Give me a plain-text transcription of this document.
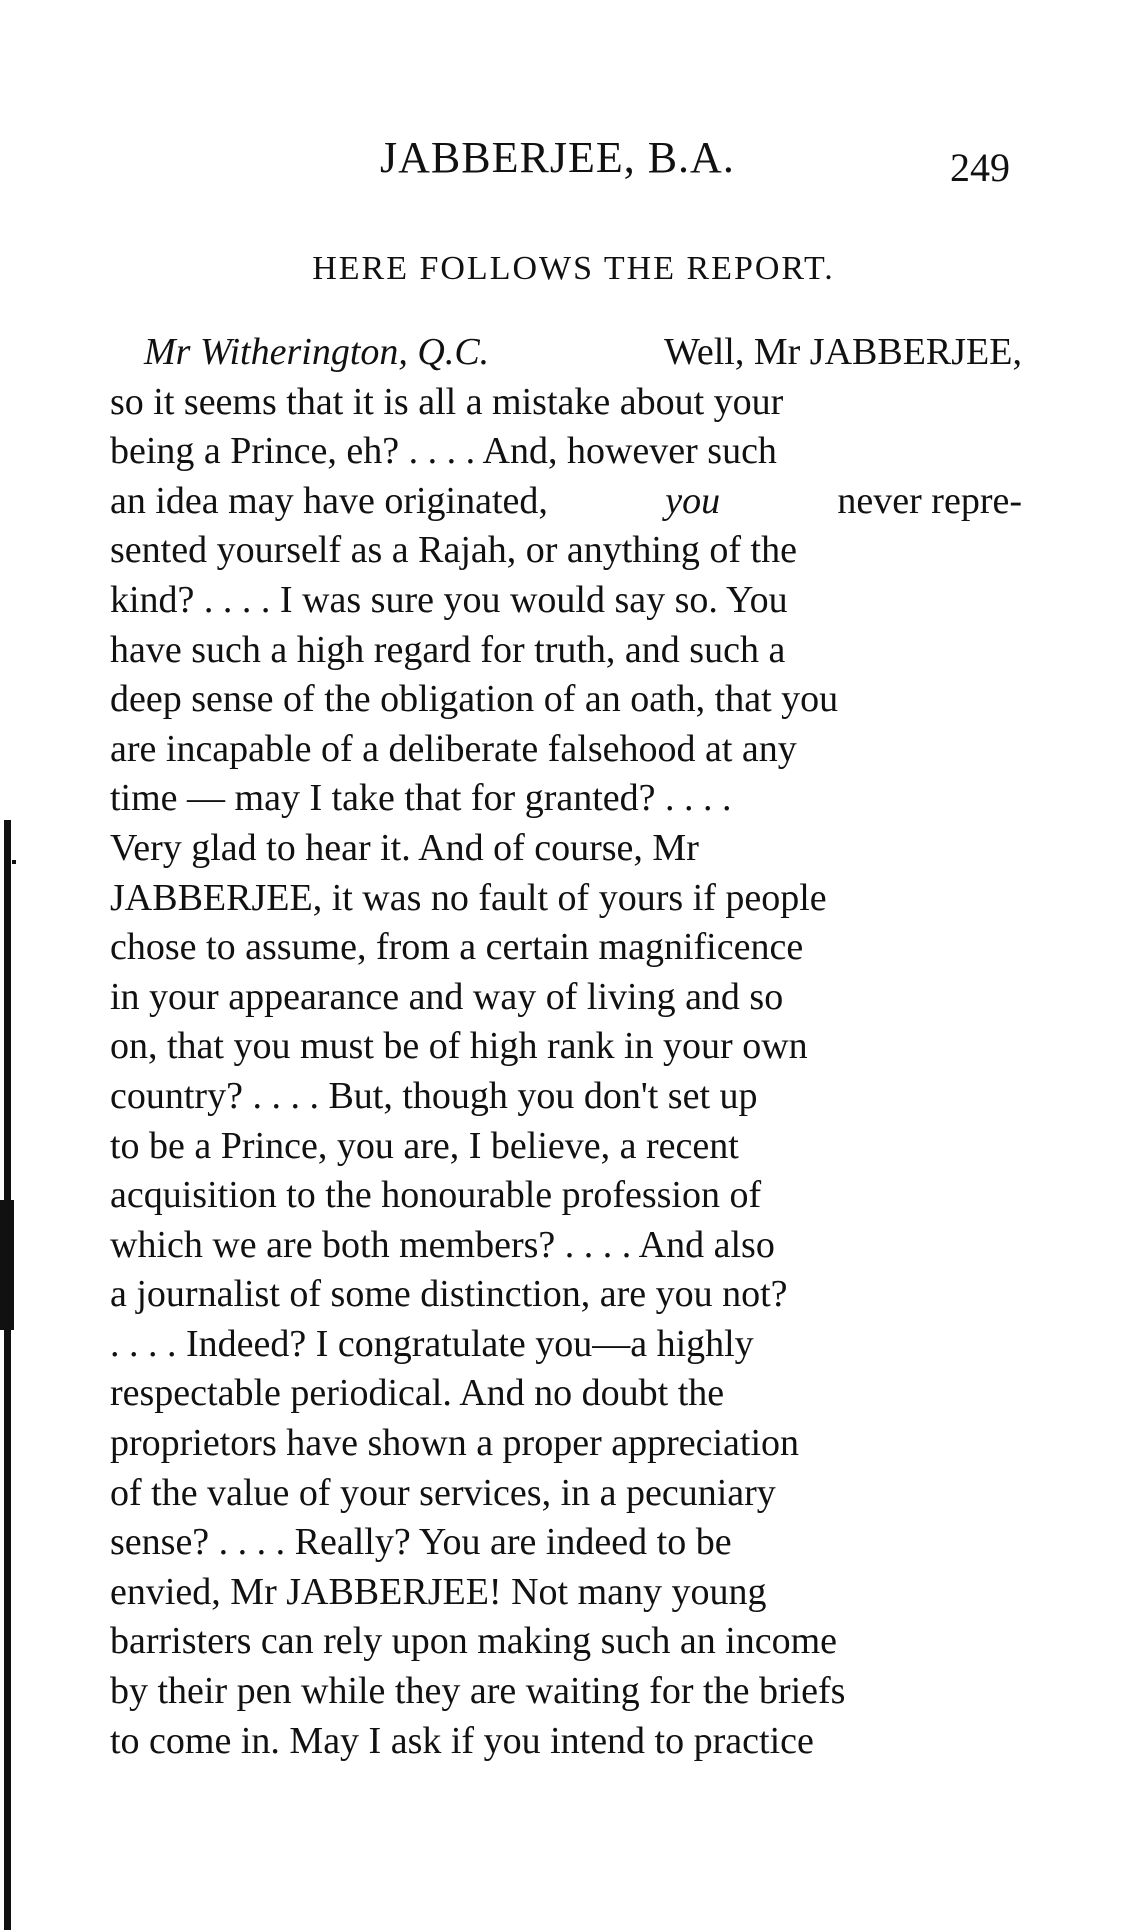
JABBERJEE, B.A.	249
HERE FOLLOWS THE REPORT.
Mr Witherington, Q.C.	Well, Mr JABBERJEE,
so it seems that it is all a mistake about your
being a Prince, eh? . . . . And, however such
an idea may have originated,	you	never repre-
sented yourself as a Rajah, or anything of the
kind? . . . . I was sure you would say so. You
have such a high regard for truth, and such a
deep sense of the obligation of an oath, that you
are incapable of a deliberate falsehood at any
time — may I take that for granted? . . . .
Very glad to hear it. And of course, Mr
JABBERJEE, it was no fault of yours if people
chose to assume, from a certain magnificence
in your appearance and way of living and so
on, that you must be of high rank in your own
country? . . . . But, though you don't set up
to be a Prince, you are, I believe, a recent
acquisition to the honourable profession of
which we are both members? . . . . And also
a journalist of some distinction, are you not?
. . . . Indeed? I congratulate you—a highly
respectable periodical. And no doubt the
proprietors have shown a proper appreciation
of the value of your services, in a pecuniary
sense? . . . . Really? You are indeed to be
envied, Mr JABBERJEE! Not many young
barristers can rely upon making such an income
by their pen while they are waiting for the briefs
to come in. May I ask if you intend to practice
